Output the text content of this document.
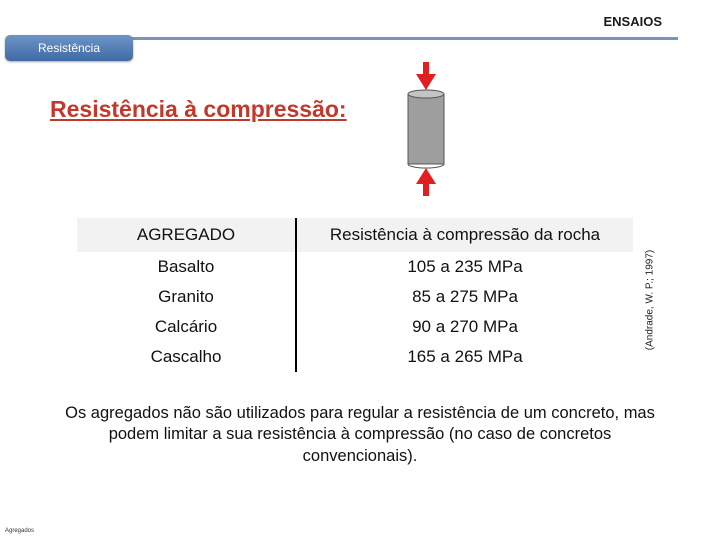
ENSAIOS
Resistência
Resistência à compressão:
AGREGADO	Resistência à compressão da rocha
Basalto	105 a 235 MPa
Granito	85 a 275 MPa
Calcário	90 a 270 MPa
Cascalho	165 a 265 MPa
(Andrade, W. P.; 1997)
Os agregados não são utilizados para regular a resistência de um concreto, mas podem limitar a sua resistência à compressão (no caso de concretos convencionais).
Agregados
